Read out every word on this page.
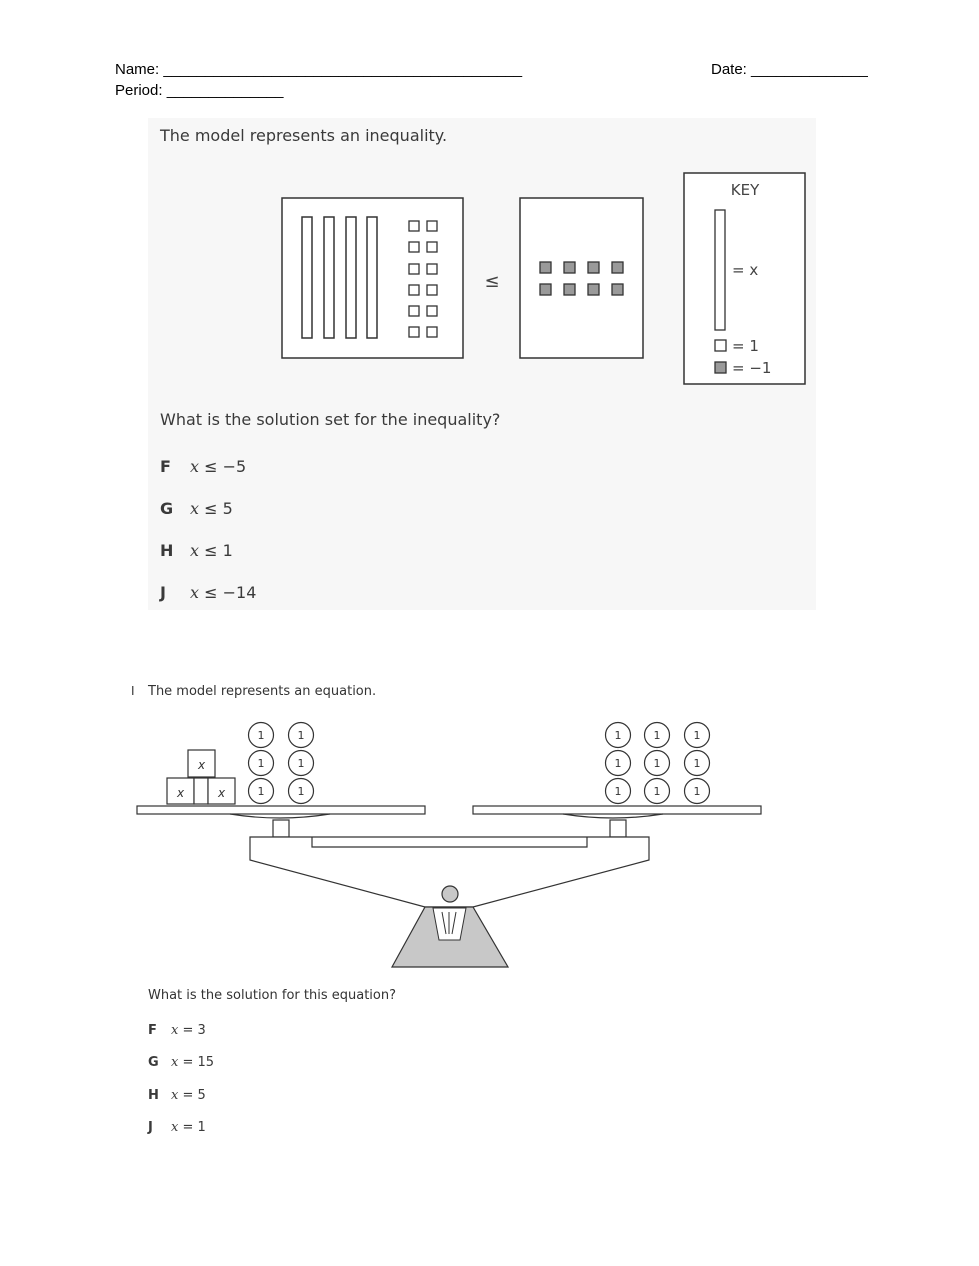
Name: ___________________________________________	Date: ______________
Period: ______________
The model represents an inequality.
≤
KEY
= x
= 1
= −1
What is the solution set for the inequality?
F x ≤ −5
G x ≤ 5
H x ≤ 1
J x ≤ −14
I The model represents an equation.
x
x	x
1
1
1
1
1
1
1
1
1
1
1
1
1
1
1
What is the solution for this equation?
F x = 3
G x = 15
H x = 5
J x = 1
